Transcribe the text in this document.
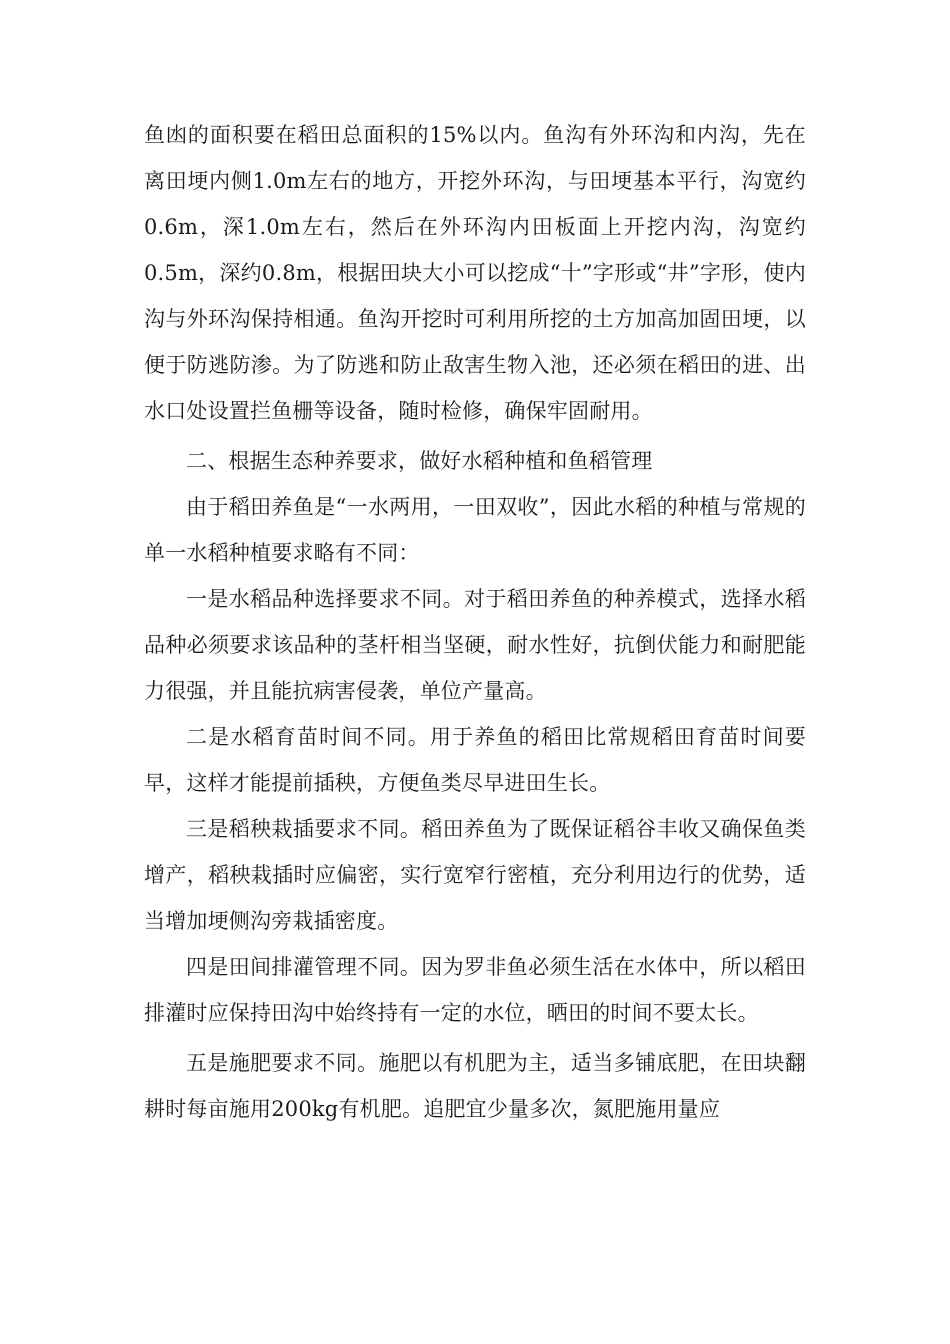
鱼凼的面积要在稻田总面积的15%以内。鱼沟有外环沟和内沟，先在离田埂内侧1.0m左右的地方，开挖外环沟，与田埂基本平行，沟宽约0.6m，深1.0m左右，然后在外环沟内田板面上开挖内沟，沟宽约0.5m，深约0.8m，根据田块大小可以挖成“十”字形或“井”字形，使内沟与外环沟保持相通。鱼沟开挖时可利用所挖的土方加高加固田埂，以便于防逃防渗。为了防逃和防止敌害生物入池，还必须在稻田的进、出水口处设置拦鱼栅等设备，随时检修，确保牢固耐用。

二、根据生态种养要求，做好水稻种植和鱼稻管理

由于稻田养鱼是“一水两用，一田双收”，因此水稻的种植与常规的单一水稻种植要求略有不同：

一是水稻品种选择要求不同。对于稻田养鱼的种养模式，选择水稻品种必须要求该品种的茎杆相当坚硬，耐水性好，抗倒伏能力和耐肥能力很强，并且能抗病害侵袭，单位产量高。

二是水稻育苗时间不同。用于养鱼的稻田比常规稻田育苗时间要早，这样才能提前插秧，方便鱼类尽早进田生长。

三是稻秧栽插要求不同。稻田养鱼为了既保证稻谷丰收又确保鱼类增产，稻秧栽插时应偏密，实行宽窄行密植，充分利用边行的优势，适当增加埂侧沟旁栽插密度。

四是田间排灌管理不同。因为罗非鱼必须生活在水体中，所以稻田排灌时应保持田沟中始终持有一定的水位，晒田的时间不要太长。

五是施肥要求不同。施肥以有机肥为主，适当多铺底肥，在田块翻耕时每亩施用200kg有机肥。追肥宜少量多次，氮肥施用量应
